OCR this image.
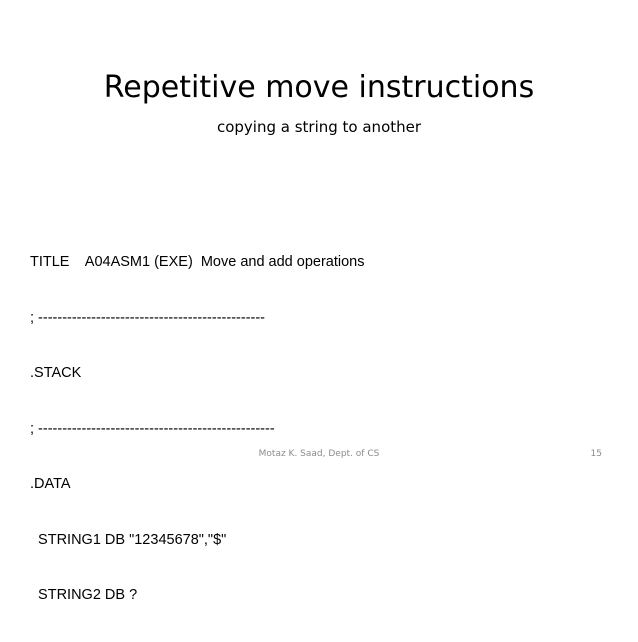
Repetitive move instructions
copying a string to another

TITLE    A04ASM1 (EXE)  Move and add operations

; -----------------------------------------------

.STACK

; -------------------------------------------------

.DATA

STRING1 DB "12345678","$"

STRING2 DB ?

Motaz K. Saad, Dept. of CS	15
